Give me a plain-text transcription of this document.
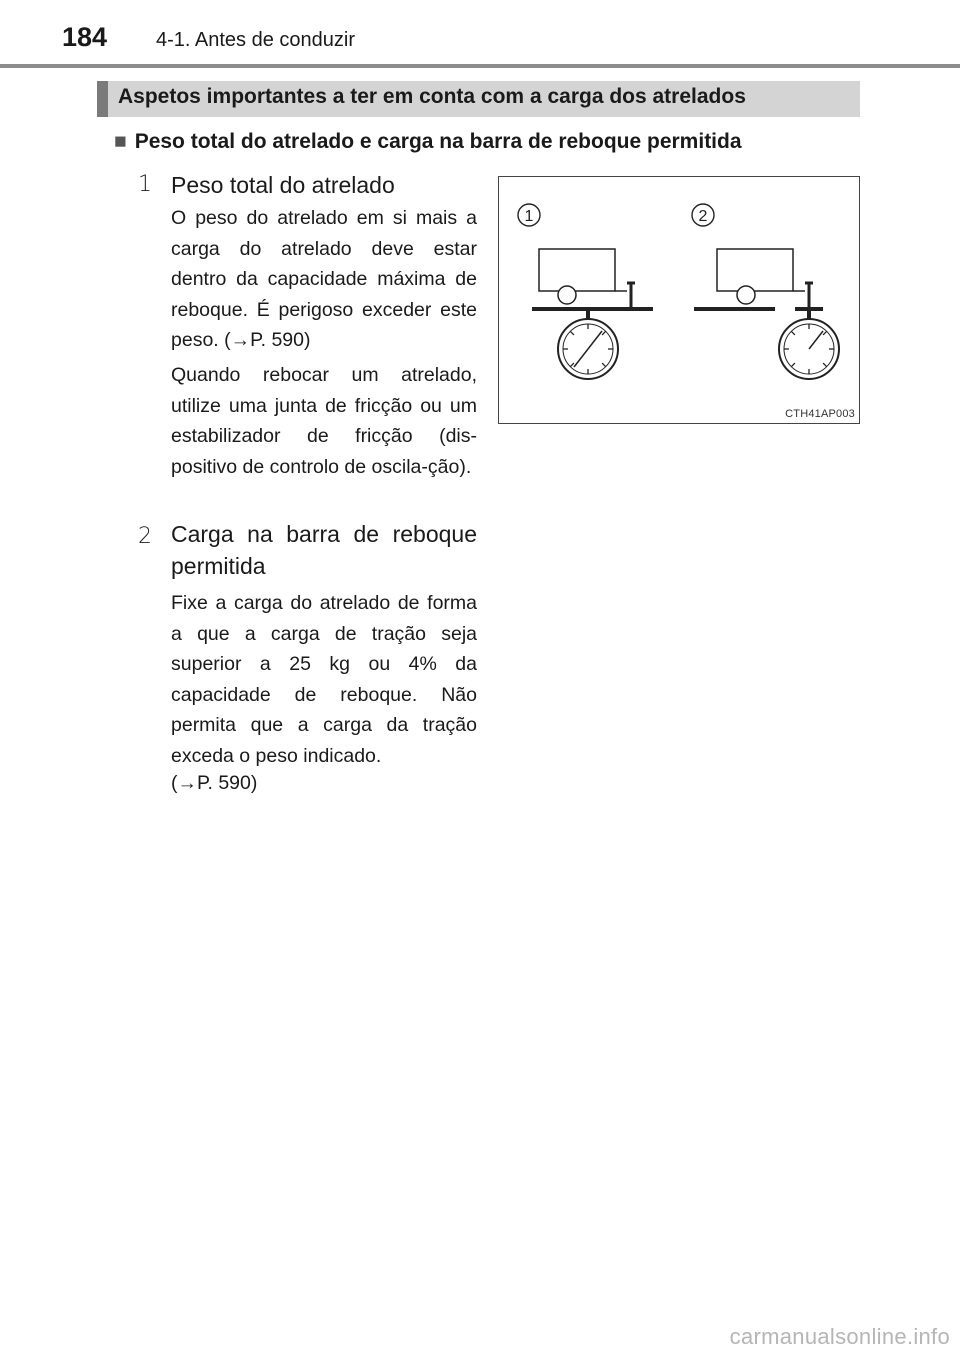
184 4-1. Antes de conduzir
Aspetos importantes a ter em conta com a carga dos atrelados
■ Peso total do atrelado e carga na barra de reboque permitida
1 Peso total do atrelado
O peso do atrelado em si mais a carga do atrelado deve estar dentro da capacidade máxima de reboque. É perigoso exceder este peso. (→P. 590)
Quando rebocar um atrelado, utilize uma junta de fricção ou um estabilizador de fricção (dis-positivo de controlo de oscila-ção).
2 Carga na barra de reboque permitida
Fixe a carga do atrelado de forma a que a carga de tração seja superior a 25 kg ou 4% da capacidade de reboque. Não permita que a carga da tração exceda o peso indicado.
(→P. 590)
1	2
CTH41AP003
carmanualsonline.info
